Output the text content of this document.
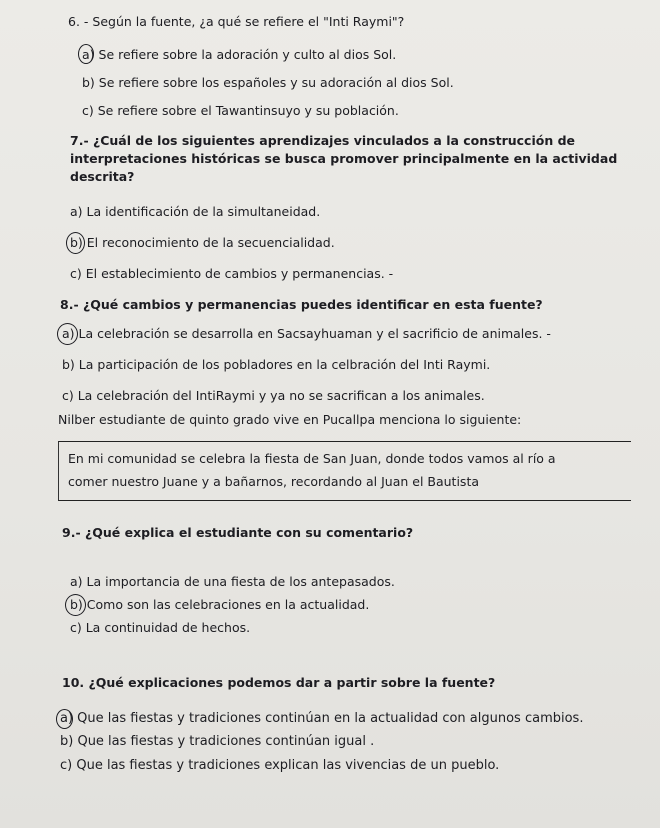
6. - Según la fuente, ¿a qué se refiere el "Inti Raymi"?
a) Se refiere sobre la adoración y culto al dios Sol.
b) Se refiere sobre los españoles y su adoración al dios Sol.
c) Se refiere sobre el Tawantinsuyo y su población.
7.- ¿Cuál de los siguientes aprendizajes vinculados a la construcción de
interpretaciones históricas se busca promover principalmente en la actividad
descrita?
a) La identificación de la simultaneidad.
b) El reconocimiento de la secuencialidad.
c) El establecimiento de cambios y permanencias. -
8.- ¿Qué cambios y permanencias puedes identificar en esta fuente?
a) La celebración se desarrolla en Sacsayhuaman y el sacrificio de animales. -
b) La participación de los pobladores en la celbración del Inti Raymi.
c) La celebración del IntiRaymi y ya no se sacrifican a los animales.
Nilber estudiante de quinto grado vive en Pucallpa menciona lo siguiente:
En mi comunidad se celebra la fiesta de San Juan, donde todos vamos al río a
comer nuestro Juane y a bañarnos, recordando al Juan el Bautista
9.- ¿Qué explica el estudiante con su comentario?
a) La importancia de una fiesta de los antepasados.
b) Como son las celebraciones en la actualidad.
c) La continuidad de hechos.
10. ¿Qué explicaciones podemos dar a partir sobre la fuente?
a) Que las fiestas y tradiciones continúan en la actualidad con algunos cambios.
b) Que las fiestas y tradiciones continúan igual .
c) Que las fiestas y tradiciones explican las vivencias de un pueblo.
